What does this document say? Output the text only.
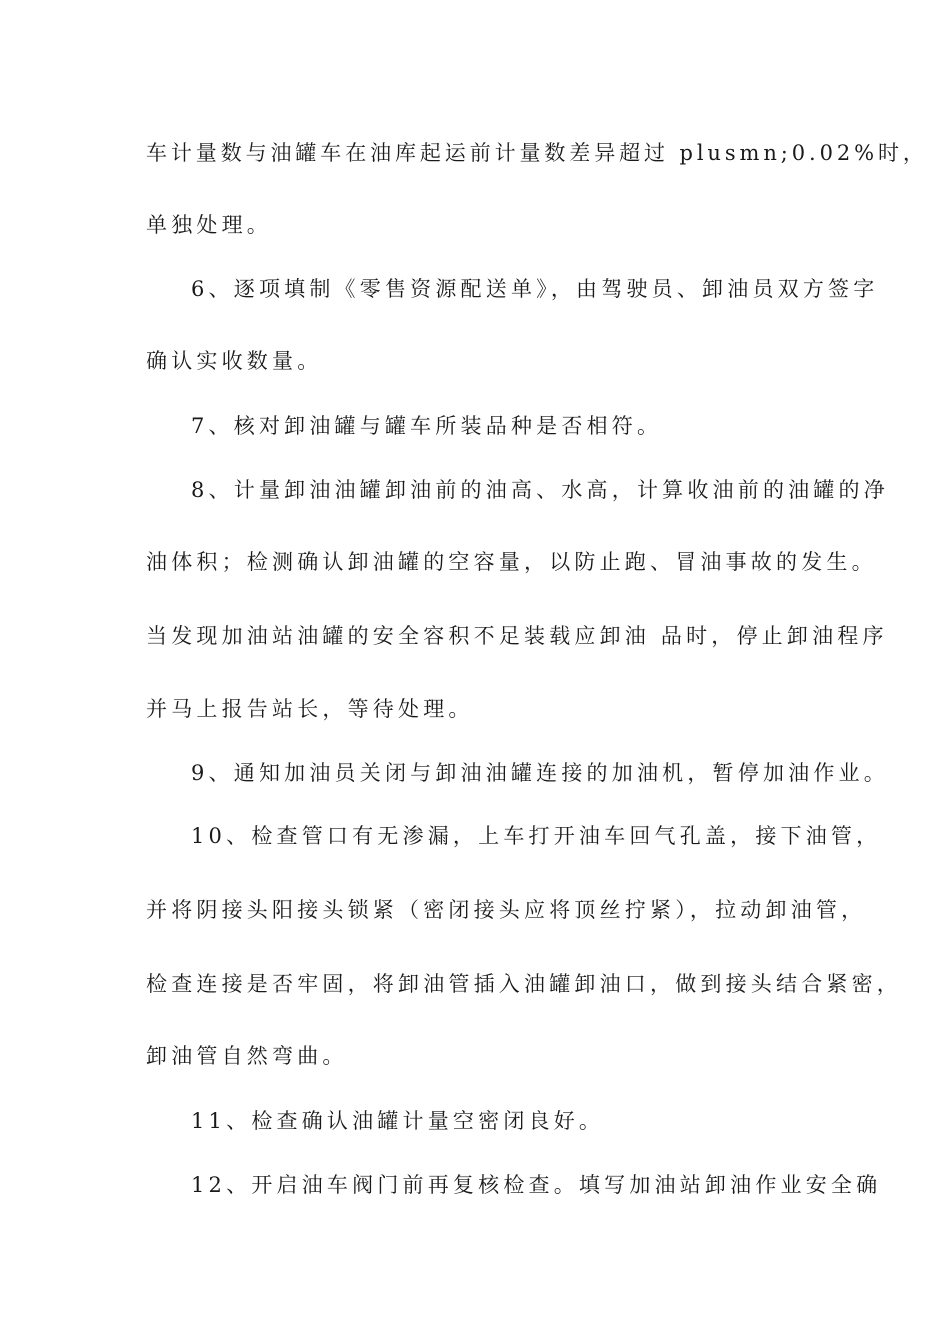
车计量数与油罐车在油库起运前计量数差异超过 plusmn;0.02%时，
单独处理。
6、逐项填制《零售资源配送单》，由驾驶员、卸油员双方签字
确认实收数量。
7、核对卸油罐与罐车所装品种是否相符。
8、计量卸油油罐卸油前的油高、水高，计算收油前的油罐的净
油体积；检测确认卸油罐的空容量，以防止跑、冒油事故的发生。
当发现加油站油罐的安全容积不足装载应卸油 品时，停止卸油程序
并马上报告站长，等待处理。
9、通知加油员关闭与卸油油罐连接的加油机，暂停加油作业。
10、检查管口有无渗漏，上车打开油车回气孔盖，接下油管，
并将阴接头阳接头锁紧（密闭接头应将顶丝拧紧），拉动卸油管，
检查连接是否牢固，将卸油管插入油罐卸油口，做到接头结合紧密，
卸油管自然弯曲。
11、检查确认油罐计量空密闭良好。
12、开启油车阀门前再复核检查。填写加油站卸油作业安全确
